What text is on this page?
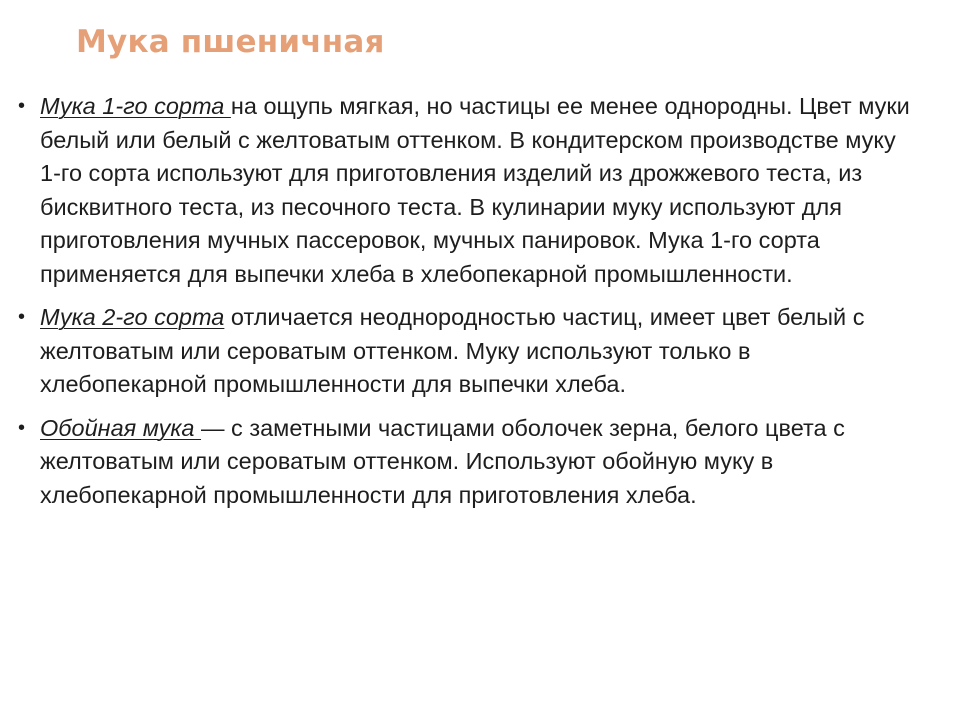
Мука пшеничная
• Мука 1-го сорта на ощупь мягкая, но частицы ее менее однородны. Цвет муки белый или белый с желтоватым оттенком. В кондитерском производстве муку 1-го сорта используют для приготовления изделий из дрожжевого теста, из бисквитного теста, из песочного теста. В кулинарии муку используют для приготовления мучных пассеровок, мучных панировок. Мука 1-го сорта применяется для выпечки хлеба в хлебопекарной промышленности.
• Мука 2-го сорта отличается неоднородностью частиц, имеет цвет белый с желтоватым или сероватым оттенком. Муку используют только в хлебопекарной промышленности для выпечки хлеба.
• Обойная мука — с заметными частицами оболочек зерна, белого цвета с желтоватым или сероватым оттенком. Используют обойную муку в хлебопекарной промышленности для приготовления хлеба.
